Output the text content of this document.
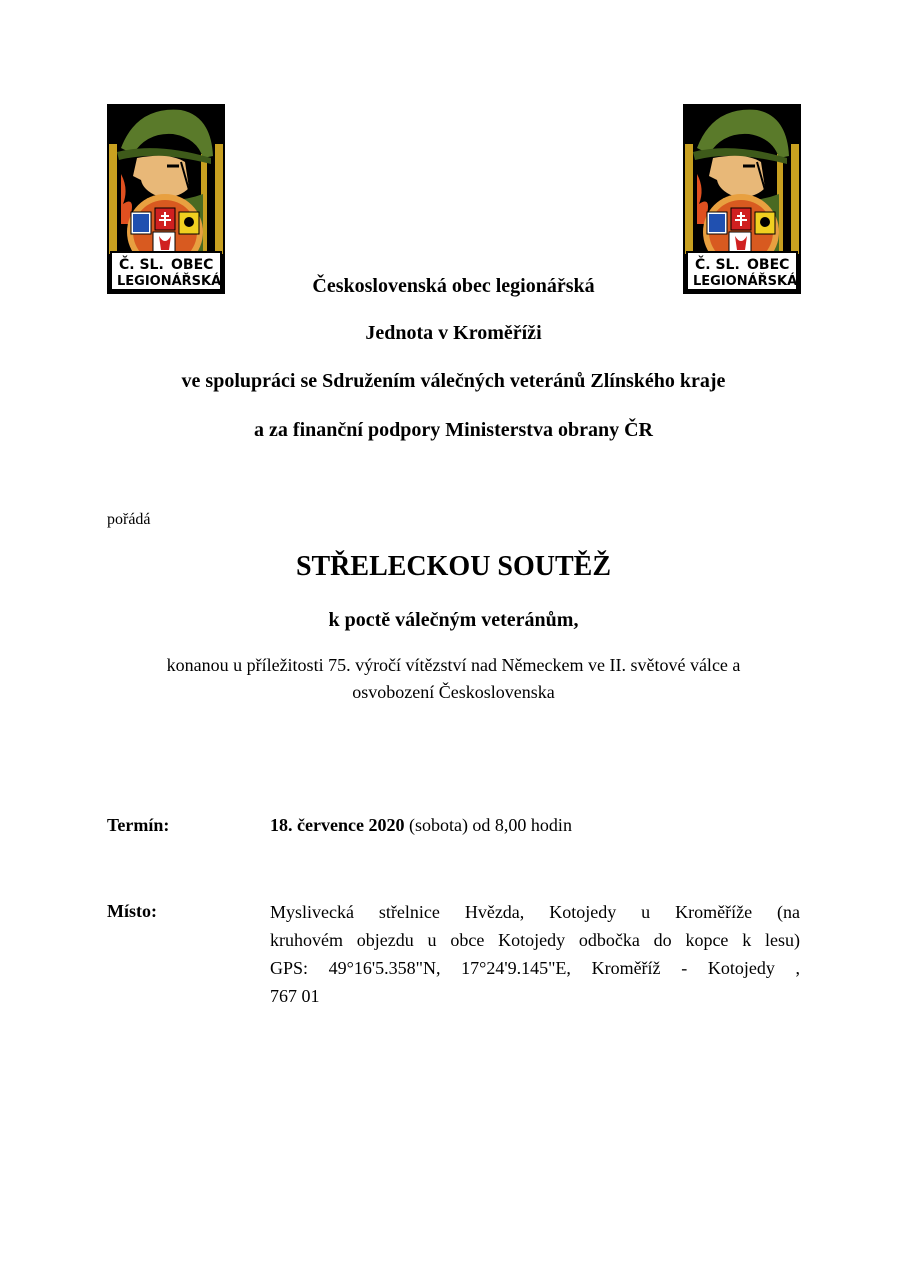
Č. SL. OBEC
LEGIONÁŘSKÁ
Č. SL. OBEC
LEGIONÁŘSKÁ
Československá obec legionářská
Jednota v Kroměříži
ve spolupráci se Sdružením válečných veteránů Zlínského kraje
a za finanční podpory Ministerstva obrany ČR
pořádá
STŘELECKOU SOUTĚŽ
k poctě válečným veteránům,
konanou u příležitosti 75. výročí vítězství nad Německem ve II. světové válce a
osvobození Československa
Termín:	18. července 2020 (sobota) od 8,00 hodin
Místo:	Myslivecká střelnice Hvězda, Kotojedy u Kroměříže (na
kruhovém objezdu u obce Kotojedy odbočka do kopce k lesu)
GPS: 49°16'5.358"N, 17°24'9.145"E, Kroměříž - Kotojedy ,
767 01
